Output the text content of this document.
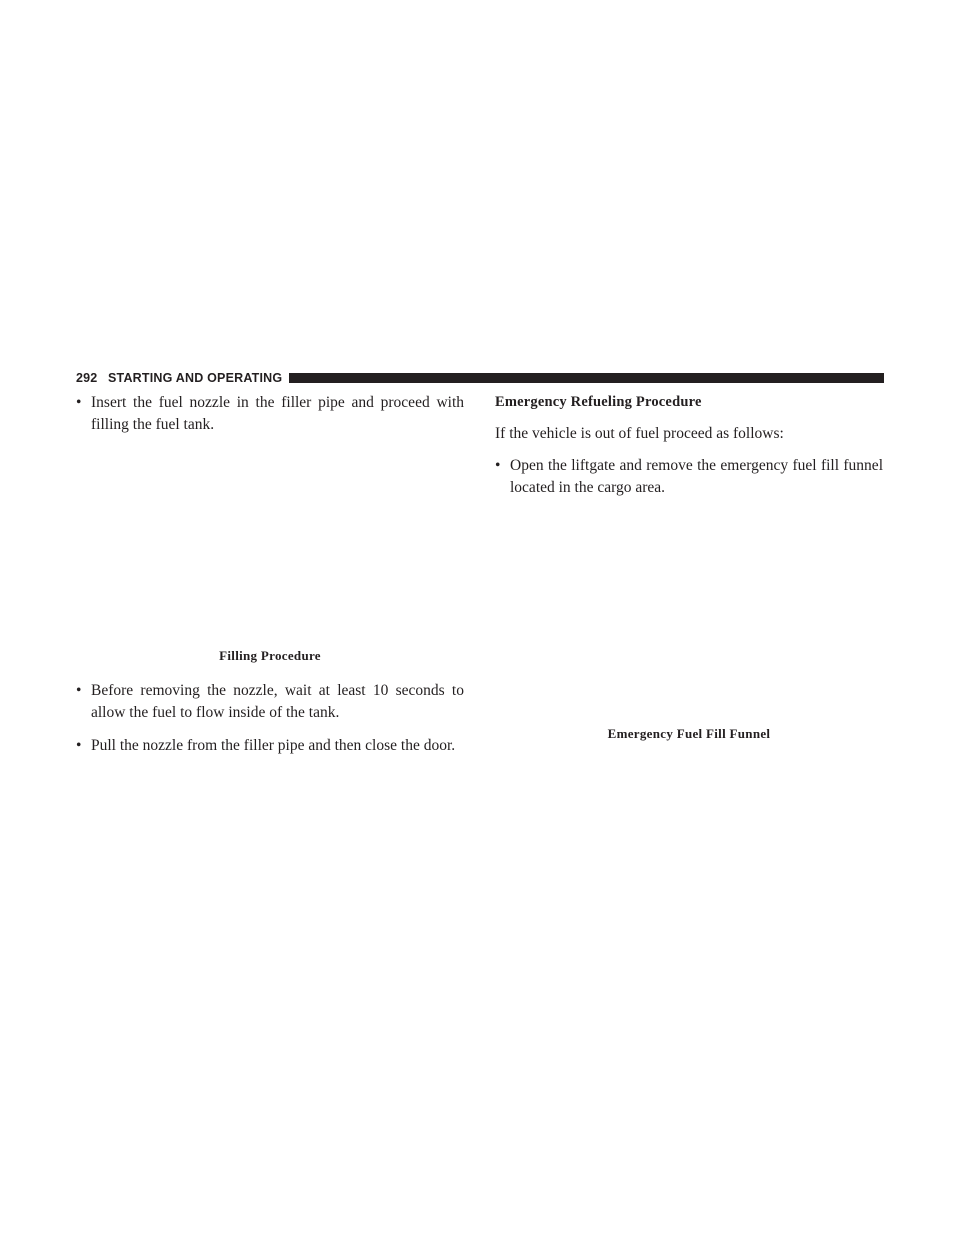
292 STARTING AND OPERATING
• Insert the fuel nozzle in the filler pipe and proceed with filling the fuel tank.
Filling Procedure
• Before removing the nozzle, wait at least 10 seconds to allow the fuel to flow inside of the tank.
• Pull the nozzle from the filler pipe and then close the door.
Emergency Refueling Procedure
If the vehicle is out of fuel proceed as follows:
• Open the liftgate and remove the emergency fuel fill funnel located in the cargo area.
Emergency Fuel Fill Funnel
